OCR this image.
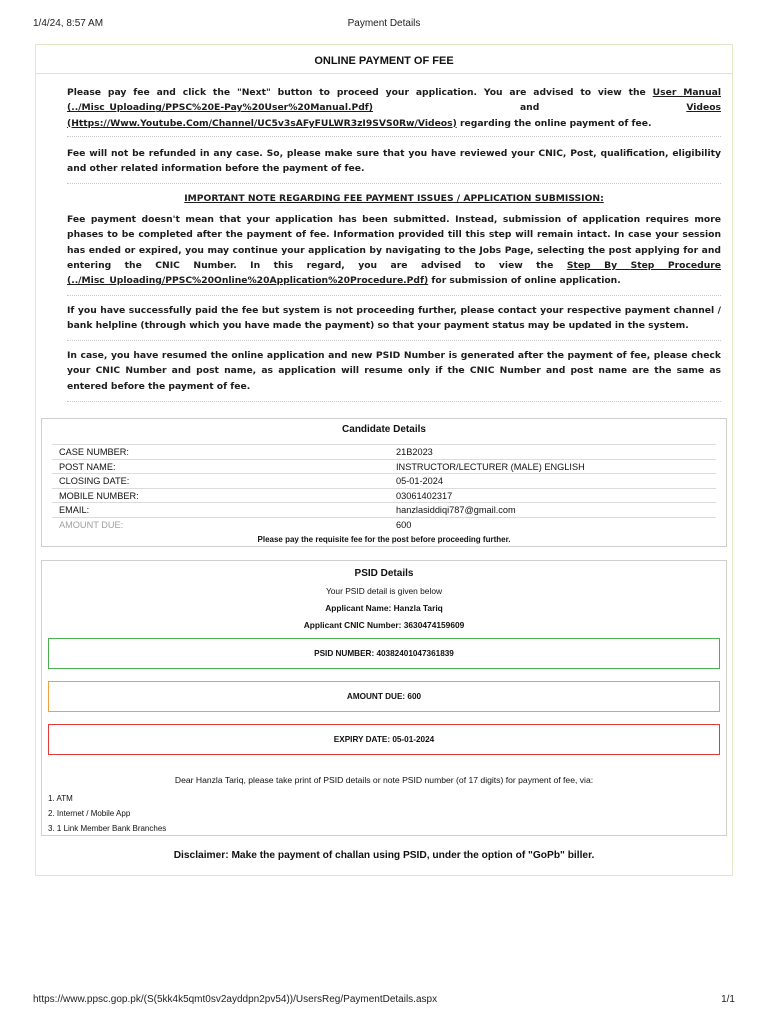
1/4/24, 8:57 AM	Payment Details
ONLINE PAYMENT OF FEE
Please pay fee and click the "Next" button to proceed your application. You are advised to view the User Manual (../Misc_Uploading/PPSC%20E-Pay%20User%20Manual.Pdf) and Videos (Https://Www.Youtube.Com/Channel/UC5v3sAFyFULWR3zI9SVS0Rw/Videos) regarding the online payment of fee.
Fee will not be refunded in any case. So, please make sure that you have reviewed your CNIC, Post, qualification, eligibility and other related information before the payment of fee.
IMPORTANT NOTE REGARDING FEE PAYMENT ISSUES / APPLICATION SUBMISSION:
Fee payment doesn't mean that your application has been submitted. Instead, submission of application requires more phases to be completed after the payment of fee. Information provided till this step will remain intact. In case your session has ended or expired, you may continue your application by navigating to the Jobs Page, selecting the post applying for and entering the CNIC Number. In this regard, you are advised to view the Step By Step Procedure (../Misc_Uploading/PPSC%20Online%20Application%20Procedure.Pdf) for submission of online application.
If you have successfully paid the fee but system is not proceeding further, please contact your respective payment channel / bank helpline (through which you have made the payment) so that your payment status may be updated in the system.
In case, you have resumed the online application and new PSID Number is generated after the payment of fee, please check your CNIC Number and post name, as application will resume only if the CNIC Number and post name are the same as entered before the payment of fee.
Candidate Details
CASE NUMBER:	21B2023
POST NAME:	INSTRUCTOR/LECTURER (MALE) ENGLISH
CLOSING DATE:	05-01-2024
MOBILE NUMBER:	03061402317
EMAIL:	hanzlasiddiqi787@gmail.com
AMOUNT DUE:	600
Please pay the requisite fee for the post before proceeding further.
PSID Details
Your PSID detail is given below
Applicant Name: Hanzla Tariq
Applicant CNIC Number: 3630474159609
PSID NUMBER: 40382401047361839
AMOUNT DUE: 600
EXPIRY DATE: 05-01-2024
Dear Hanzla Tariq, please take print of PSID details or note PSID number (of 17 digits) for payment of fee, via:
1. ATM
2. Internet / Mobile App
3. 1 Link Member Bank Branches
Disclaimer: Make the payment of challan using PSID, under the option of "GoPb" biller.
https://www.ppsc.gop.pk/(S(5kk4k5qmt0sv2ayddpn2pv54))/UsersReg/PaymentDetails.aspx	1/1
